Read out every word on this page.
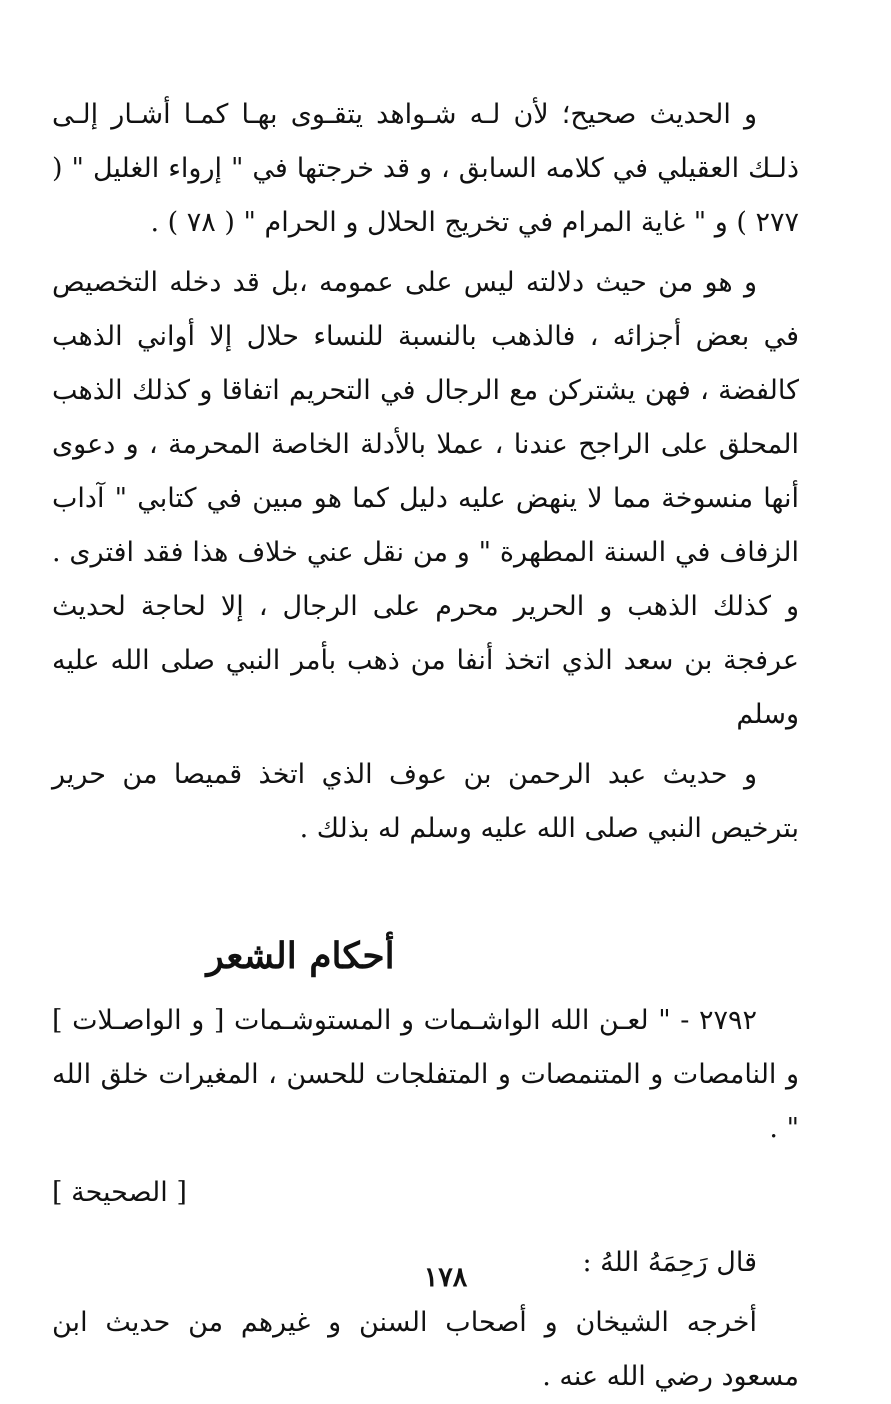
و الحديث صحيح؛ لأن لـه شـواهد يتقـوى بهـا كمـا أشـار إلـى ذلـك العقيلي في كلامه السابق ، و قد خرجتها في " إرواء الغليل " ( ٢٧٧ ) و " غاية المرام في تخريج الحلال و الحرام " ( ٧٨ ) .

و هو من حيث دلالته ليس على عمومه ،بل قد دخله التخصيص في بعض أجزائه ، فالذهب بالنسبة للنساء حلال إلا أواني الذهب كالفضة ، فهن يشتركن مع الرجال في التحريم اتفاقا و كذلك الذهب المحلق على الراجح عندنا ، عملا بالأدلة الخاصة المحرمة ، و دعوى أنها منسوخة مما لا ينهض عليه دليل كما هو مبين في كتابي " آداب الزفاف في السنة المطهرة " و من نقل عني خلاف هذا فقد افترى . و كذلك الذهب و الحرير محرم على الرجال ، إلا لحاجة لحديث عرفجة بن سعد الذي اتخذ أنفا من ذهب بأمر النبي صلى الله عليه وسلم

و حديث عبد الرحمن بن عوف الذي اتخذ قميصا من حرير بترخيص النبي صلى الله عليه وسلم له بذلك .

أحكام الشعر

٢٧٩٢ - " لعـن الله الواشـمات و المستوشـمات [ و الواصـلات ] و النامصات و المتنمصات و المتفلجات للحسن ، المغيرات خلق الله " .

[ الصحيحة ]

قال رَحِمَهُ اللهُ :

أخرجه الشيخان و أصحاب السنن و غيرهم من حديث ابن مسعود رضي الله عنه .

١٧٨
